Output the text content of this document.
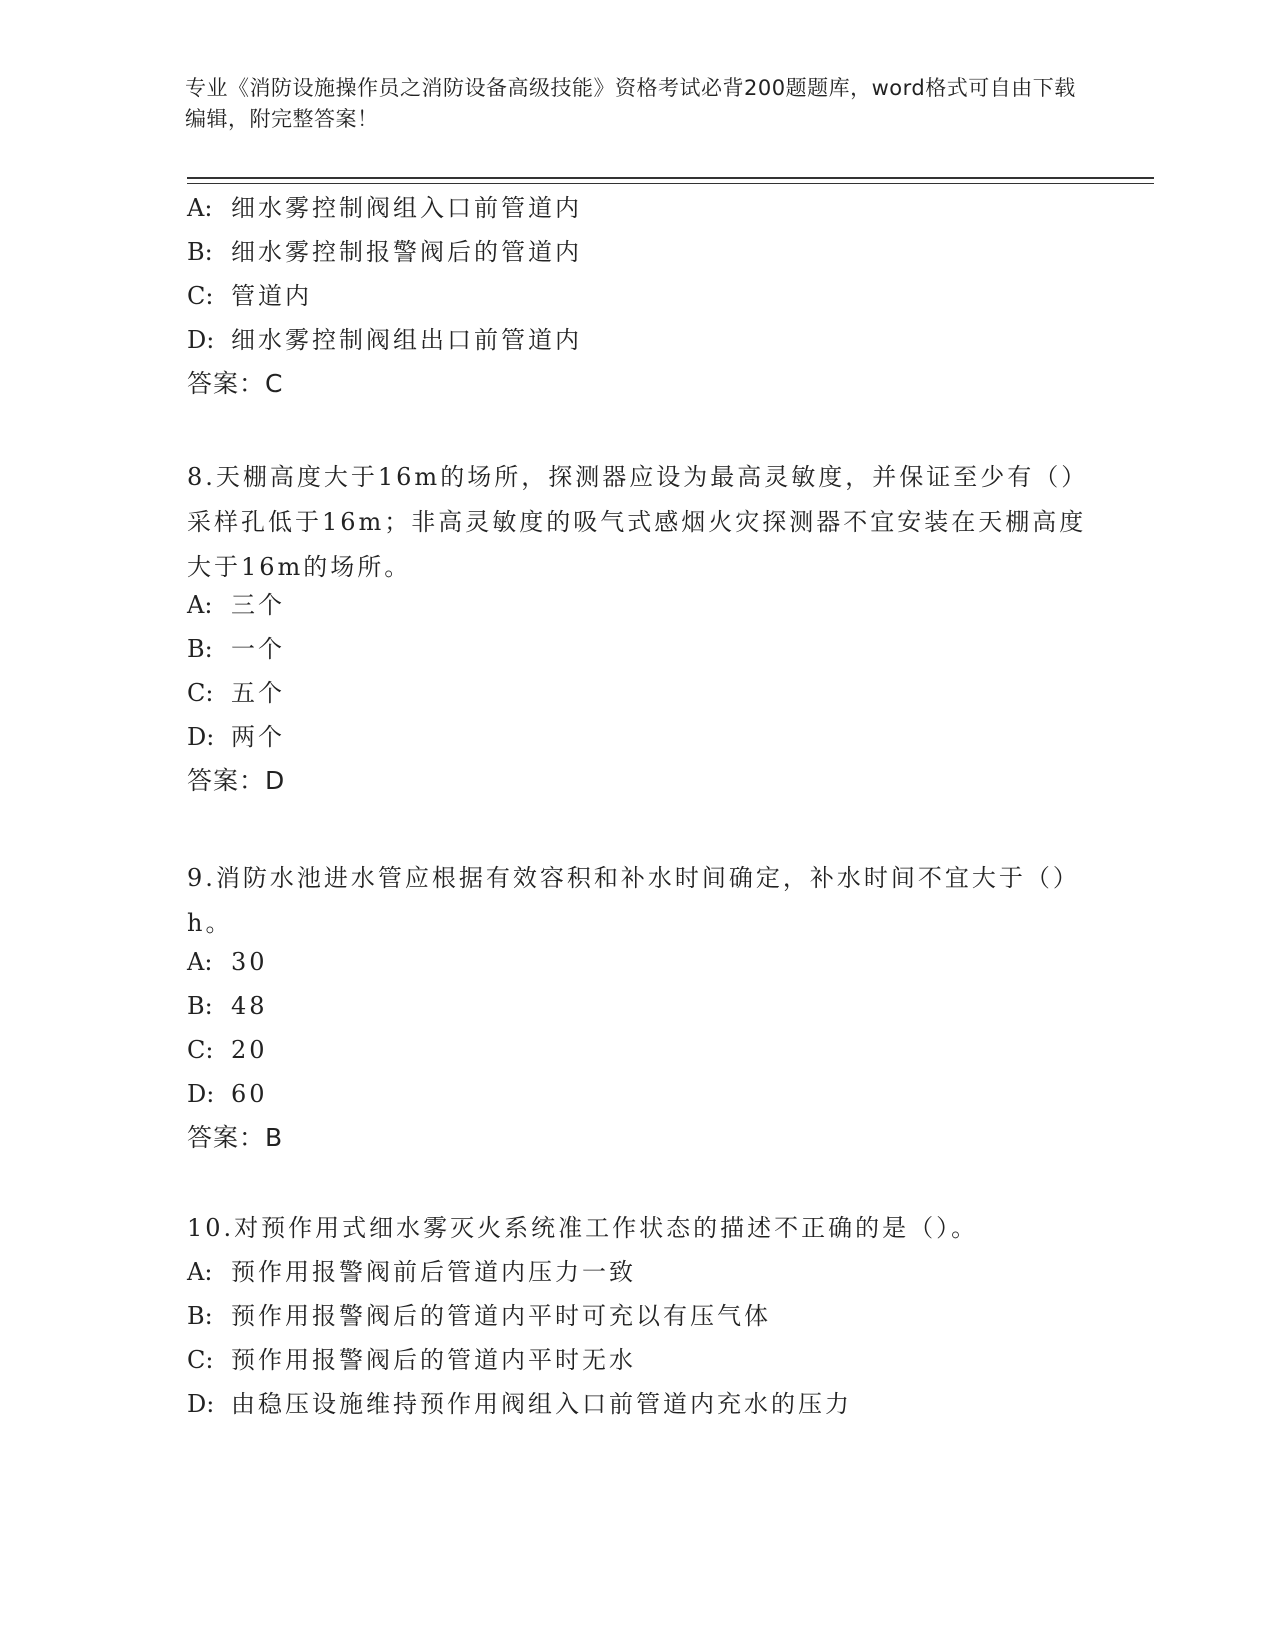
专业《消防设施操作员之消防设备高级技能》资格考试必背200题题库，word格式可自由下载编辑，附完整答案！
A: 细水雾控制阀组入口前管道内
B: 细水雾控制报警阀后的管道内
C: 管道内
D: 细水雾控制阀组出口前管道内
答案：C
8.天棚高度大于16m的场所，探测器应设为最高灵敏度，并保证至少有（）采样孔低于16m；非高灵敏度的吸气式感烟火灾探测器不宜安装在天棚高度大于16m的场所。
A: 三个
B: 一个
C: 五个
D: 两个
答案：D
9.消防水池进水管应根据有效容积和补水时间确定，补水时间不宜大于（）h。
A: 30
B: 48
C: 20
D: 60
答案：B
10.对预作用式细水雾灭火系统准工作状态的描述不正确的是（）。
A: 预作用报警阀前后管道内压力一致
B: 预作用报警阀后的管道内平时可充以有压气体
C: 预作用报警阀后的管道内平时无水
D: 由稳压设施维持预作用阀组入口前管道内充水的压力
